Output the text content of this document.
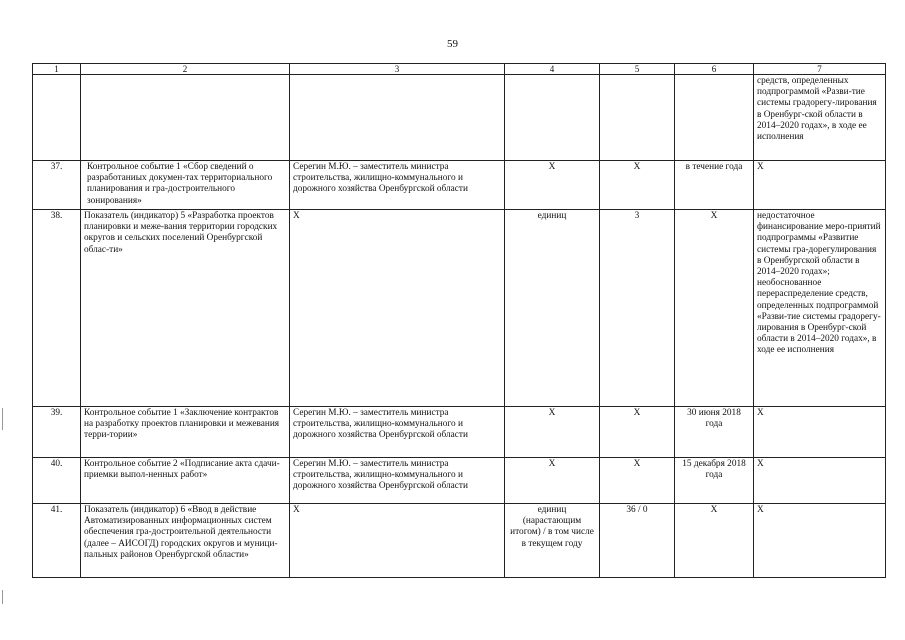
59
1	2	3	4	5	6	7
						средств, определенных подпрограммой «Разви-тие системы градорегу-лирования в Оренбург-ской области в 2014–2020 годах», в ходе ее исполнения
37.	Контрольное событие 1 «Сбор сведений о разработаниых докумен-тах территориального планирования и гра-достроительного зонирования»	Серегин М.Ю. – заместитель министра строительства, жилищно-коммунального и дорожного хозяйства Оренбургской области	Х	Х	в течение года	Х
38.	Показатель (индикатор) 5 «Разработка проектов планировки и меже-вания территории городских округов и сельских поселений Оренбургской облас-ти»	Х	единиц	3	Х	недостаточное финансирование меро-приятий подпрограммы «Развитие системы гра-дорегулирования в Оренбургской области в 2014–2020 годах»; необоснованное перераспределение средств, определенных подпрограммой «Разви-тие системы градорегу-лирования в Оренбург-ской области в 2014–2020 годах», в ходе ее исполнения
39.	Контрольное событие 1 «Заключение контрактов на разработку проектов планировки и межевания терри-тории»	Серегин М.Ю. – заместитель министра строительства, жилищно-коммунального и дорожного хозяйства Оренбургской области	Х	Х	30 июня 2018 года	Х
40.	Контрольное событие 2 «Подписание акта сдачи-приемки выпол-ненных работ»	Серегин М.Ю. – заместитель министра строительства, жилищно-коммунального и дорожного хозяйства Оренбургской области	Х	Х	15 декабря 2018 года	Х
41.	Показатель (индикатор) 6 «Ввод в действие Автоматизированных информационных систем обеспечения гра-достроительной деятельности (далее – АИСОГД) городских округов и муници-пальных районов Оренбургской области»	Х	единиц (нарастающим итогом) / в том числе в текущем году	36 / 0	Х	Х
